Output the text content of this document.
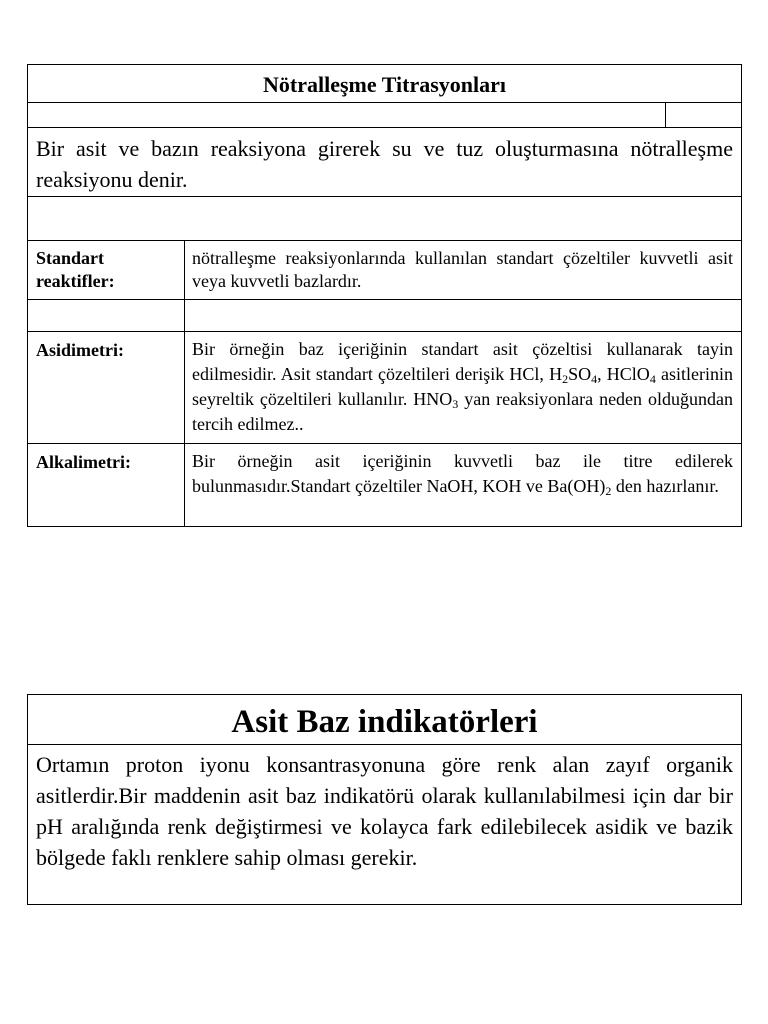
Nötralleşme Titrasyonları
Bir asit ve bazın reaksiyona girerek su ve tuz oluşturmasına nötralleşme reaksiyonu denir.
Standart reaktifler:
nötralleşme reaksiyonlarında kullanılan standart çözeltiler kuvvetli asit veya kuvvetli bazlardır.
Asidimetri:	Bir örneğin baz içeriğinin standart asit çözeltisi kullanarak tayin edilmesidir. Asit standart çözeltileri derişik HCl, $H_2SO_4$, HClO$_4$ asitlerinin seyreltik çözeltileri kullanılır. $HNO_3$ yan reaksiyonlara neden olduğundan tercih edilmez..
Alkalimetri:	Bir örneğin asit içeriğinin kuvvetli baz ile titre edilerek bulunmasıdır.Standart çözeltiler NaOH, KOH ve $Ba(OH)_2$ den hazırlanır.
Asit Baz indikatörleri
Ortamın proton iyonu konsantrasyonuna göre renk alan zayıf organik asitlerdir.Bir maddenin asit baz indikatörü olarak kullanılabilmesi için dar bir pH aralığında renk değiştirmesi ve kolayca fark edilebilecek asidik ve bazik bölgede faklı renklere sahip olması gerekir.
